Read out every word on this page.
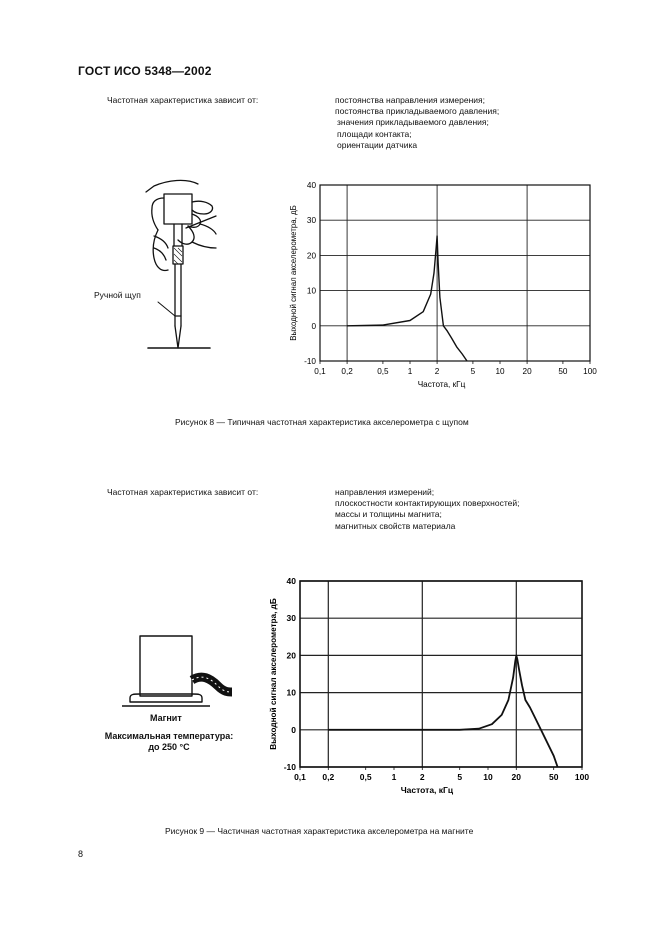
ГОСТ ИСО 5348—2002
Частотная характеристика зависит от:	постоянства направления измерения;
постоянства прикладываемого давления;
значения прикладываемого давления;
площади контакта;
ориентации датчика
Ручной щуп
40
30
20
10
0
-10
0,1 0,2	0,5 1	2	5 10 20	50 100
Частота, кГц
Выходной сигнал акселерометра, дБ
Рисунок 8 — Типичная частотная характеристика акселерометра с щупом
Частотная характеристика зависит от:	направления измерений;
плоскостности контактирующих поверхностей;
массы и толщины магнита;
магнитных свойств материала
Магнит
Максимальная температура:
до 250 °С
40
30
20
10
0
-10
0,1 0,2	0,5 1	2	5 10 20	50 100
Частота, кГц
Выходной сигнал акселерометра, дБ
Рисунок 9 — Частичная частотная характеристика акселерометра на магните
8
